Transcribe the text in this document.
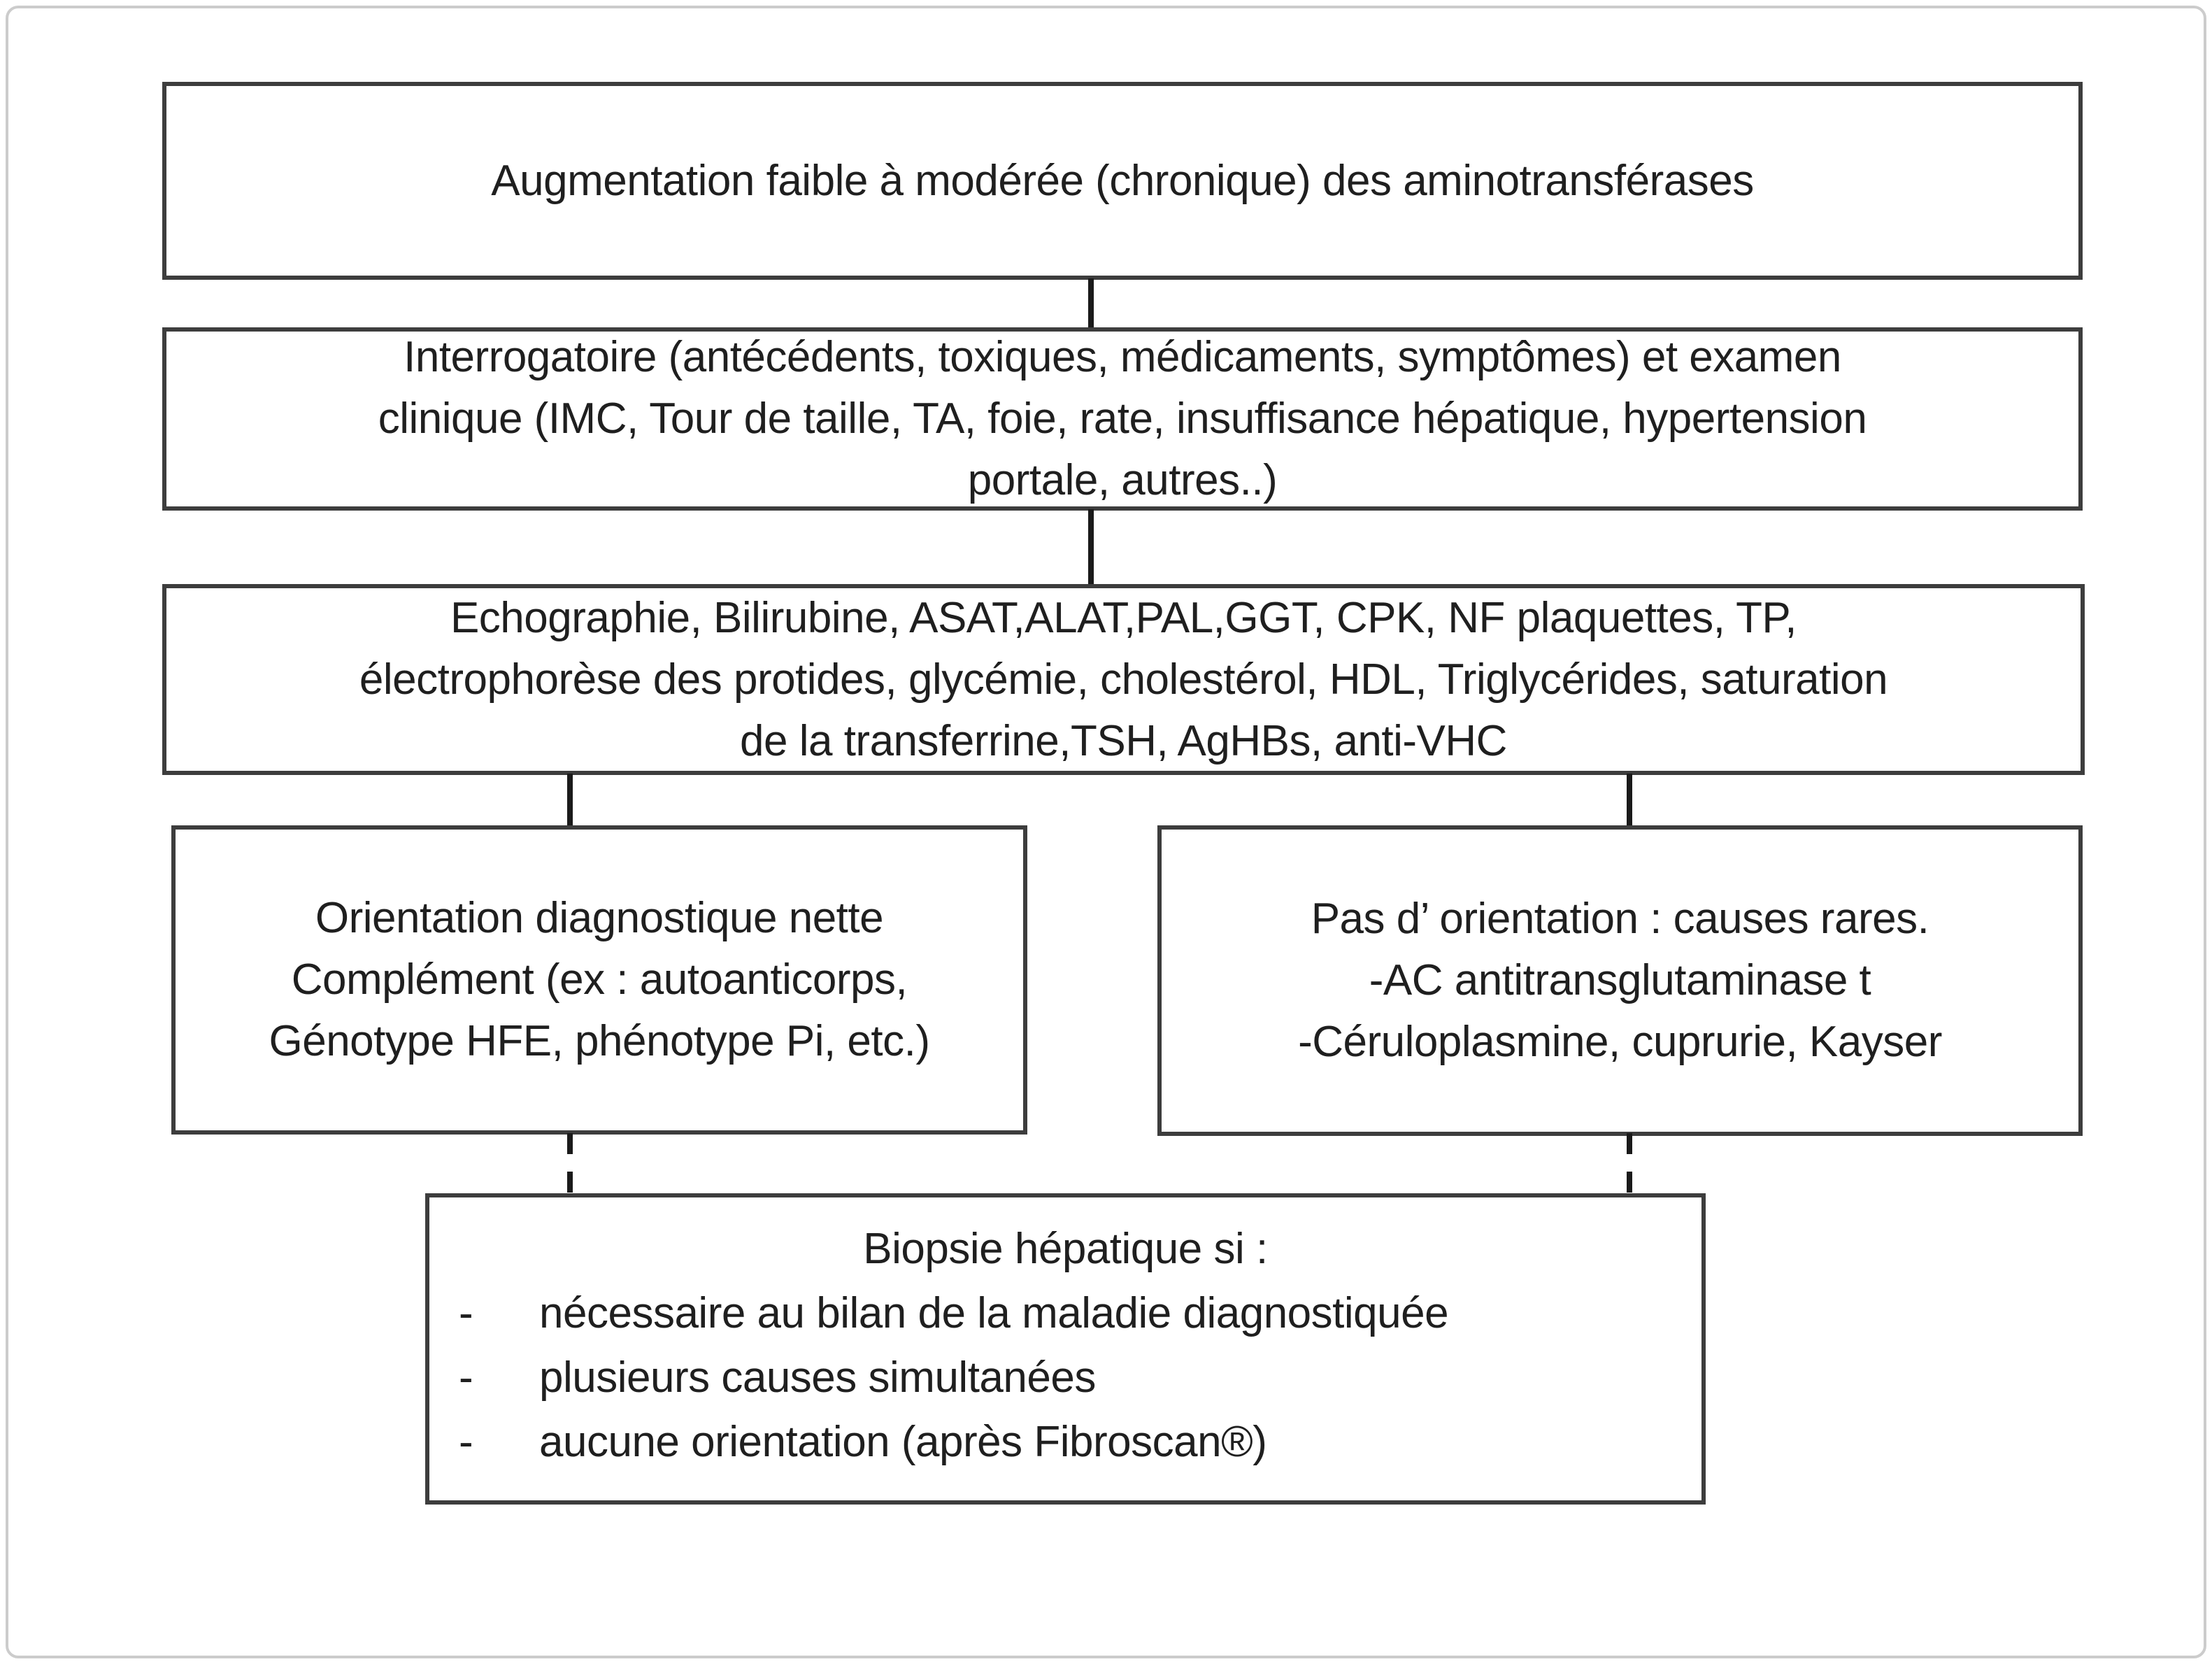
Augmentation faible à modérée (chronique) des aminotransférases
Interrogatoire (antécédents, toxiques, médicaments, symptômes) et examen
clinique (IMC, Tour de taille, TA, foie, rate, insuffisance hépatique, hypertension
portale, autres..)
Echographie, Bilirubine, ASAT,ALAT,PAL,GGT, CPK, NF plaquettes, TP,
électrophorèse des protides, glycémie, cholestérol, HDL, Triglycérides, saturation
de la transferrine,TSH, AgHBs, anti-VHC
Orientation diagnostique nette
Complément (ex : autoanticorps,
Génotype HFE, phénotype Pi, etc.)
Pas d’ orientation : causes rares.
-AC antitransglutaminase t
-Céruloplasmine, cuprurie, Kayser
Biopsie hépatique si :
-	nécessaire au bilan de la maladie diagnostiquée
-	plusieurs causes simultanées
-	aucune orientation (après Fibroscan®)
